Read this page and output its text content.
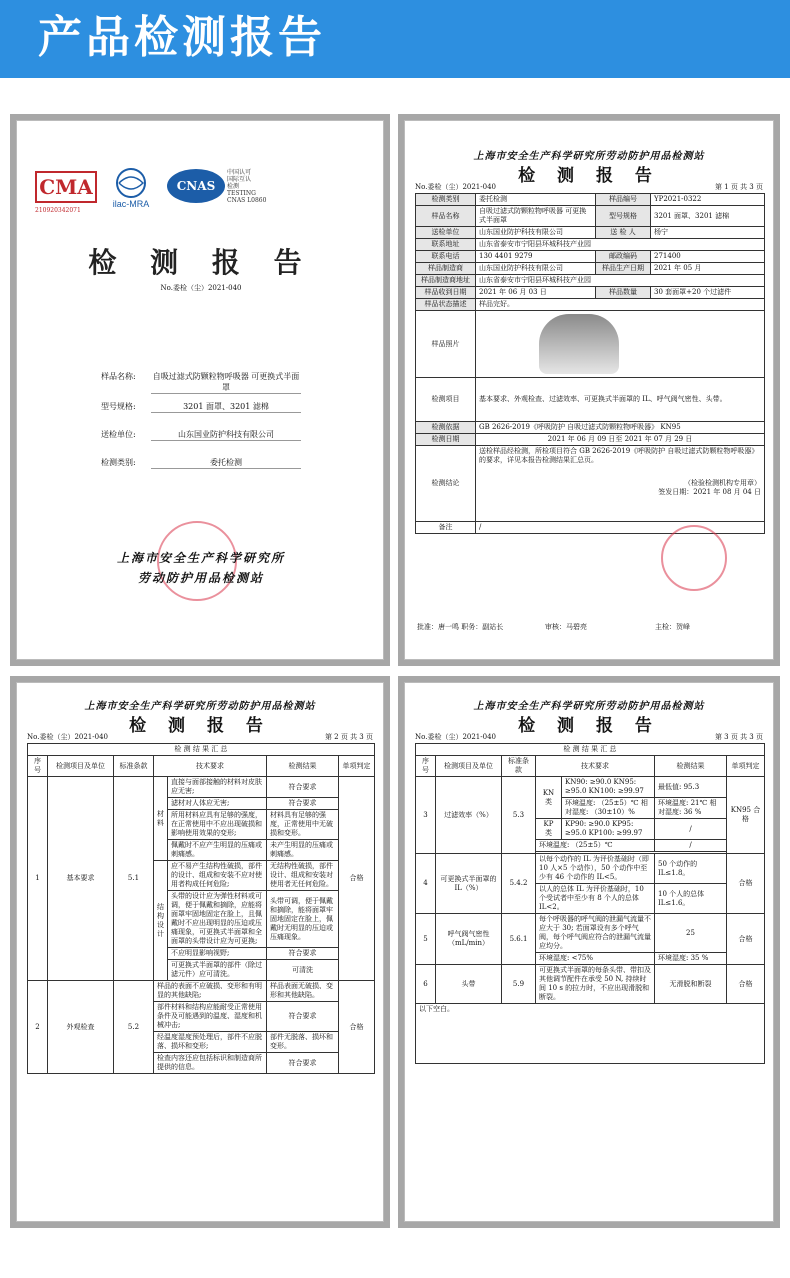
产品检测报告
CMA
210920342071
ilac-MRA
CNAS
中国认可
国际互认
检测
TESTING
CNAS L0860
检 测 报 告
No.委检（尘）2021-040
样品名称:	自吸过滤式防颗粒物呼吸器 可更换式半面罩
型号规格:	3201 面罩、3201 滤棉
送检单位:	山东国业防护科技有限公司
检测类别:	委托检测
上海市安全生产科学研究所
劳动防护用品检测站
上海市安全生产科学研究所劳动防护用品检测站
检 测 报 告
No.委检（尘）2021-040	第 1 页 共 3 页
检测类别	委托检测	样品编号	YP2021-0322
样品名称	自吸过滤式防颗粒物呼吸器 可更换式半面罩	型号规格	3201 面罩、3201 滤棉
送检单位	山东国业防护科技有限公司	送 检 人	杨宁
联系地址	山东省泰安市宁阳县环城科技产业园		
联系电话	130 4401 9279	邮政编码	271400
样品制造商	山东国业防护科技有限公司	样品生产日期	2021 年 05 月
样品制造商地址	山东省泰安市宁阳县环城科技产业园		
样品收到日期	2021 年 06 月 03 日	样品数量	30 套面罩+20 个过滤件
样品状态描述	样品完好。		
样品照片			

检测项目	基本要求、外观检查、过滤效率、可更换式半面罩的 IL、呼气阀气密性、头带。		
检测依据	GB 2626-2019《呼吸防护 自吸过滤式防颗粒物呼吸器》 KN95		
检测日期	2021 年 06 月 09 日至 2021 年 07 月 29 日		
检测结论	送检样品经检测，所检项目符合 GB 2626-2019《呼吸防护 自吸过滤式防颗粒物呼吸器》的要求，详见本报告检测结果汇总页。
（检验检测机构专用章）
签发日期：2021 年 08 月 04 日		

备注	/		
批准：唐一鸣 职务：副站长	审核：马碧亮	主检：贺峰
上海市安全生产科学研究所劳动防护用品检测站
检 测 报 告
No.委检（尘）2021-040	第 2 页 共 3 页
检 测 结 果 汇 总						
序号	检测项目及单位	标准条款	技术要求		检测结果	单项判定
1	基本要求	5.1	材料	直接与面部接触的材料对皮肤应无害;	符合要求	合格
				滤材对人体应无害;	符合要求	
				所用材料应具有足够的强度，在正常使用中不应出现破损和影响使用效果的变形;	材料具有足够的强度，正常使用中无破损和变形。	
				佩戴时不应产生明显的压痛或刺痛感。	未产生明显的压痛或刺痛感。	
			结构设计	应不易产生结构性破损，部件的设计、组成和安装不应对使用者构成任何危险;	无结构性破损，部件设计、组成和安装对使用者无任何危险。	
				头带的设计应为弹性材料或可调，便于佩戴和摘除，应能将面罩牢固地固定在脸上，且佩戴时不应出现明显的压迫或压痛现象，可更换式半面罩和全面罩的头带设计应为可更换;	头带可调，便于佩戴和摘除，能将面罩牢固地固定在脸上，佩戴时无明显的压迫或压痛现象。	
				不应明显影响视野;	符合要求	
				可更换式半面罩的部件（除过滤元件）应可清洗。	可清洗	
2	外观检查	5.2	样品的表面不应破损、变形和有明显的其他缺陷;		样品表面无破损、变形和其他缺陷。	合格
			部件材料和结构应能耐受正常使用条件及可能遇到的温度、湿度和机械冲击;		符合要求	
			经温度湿度预处理后，部件不应脱落、损坏和变形;		部件无脱落、损坏和变形。	
			检查内容还应包括标识和制造商所提供的信息。		符合要求	
上海市安全生产科学研究所劳动防护用品检测站
检 测 报 告
No.委检（尘）2021-040	第 3 页 共 3 页
检 测 结 果 汇 总						
序号	检测项目及单位	标准条款	技术要求		检测结果	单项判定
3	过滤效率（%）	5.3	KN 类	KN90: ≥90.0 KN95: ≥95.0 KN100: ≥99.97	最低值: 95.3	KN95 合格
				环境温度: （25±5）℃ 相对湿度: （30±10）%	环境温度: 21℃ 相对湿度: 36 %	
			KP 类	KP90: ≥90.0 KP95: ≥95.0 KP100: ≥99.97	/	
			环境温度: （25±5）℃		/	

4	可更换式半面罩的 IL（%）	5.4.2	以每个动作的 IL 为评价基础时（即 10 人×5 个动作），50 个动作中至少有 46 个动作的 IL<5。		50 个动作的 IL≤1.8。	合格
			以人的总体 IL 为评价基础时，10 个受试者中至少有 8 个人的总体 IL<2。		10 个人的总体 IL≤1.6。	
5	呼气阀气密性（mL/min）	5.6.1	每个呼吸器的呼气阀的泄漏气流量不应大于 30; 若面罩设有多个呼气阀，每个呼气阀应符合的泄漏气流量应均分。		25	合格
			环境湿度: <75%		环境湿度: 35 %	
6	头带	5.9	可更换式半面罩的每条头带、带扣及其他调节配件在承受 50 N, 持续时间 10 s 的拉力时，不应出现滑脱和断裂。		无滑脱和断裂	合格
以下空白。						
